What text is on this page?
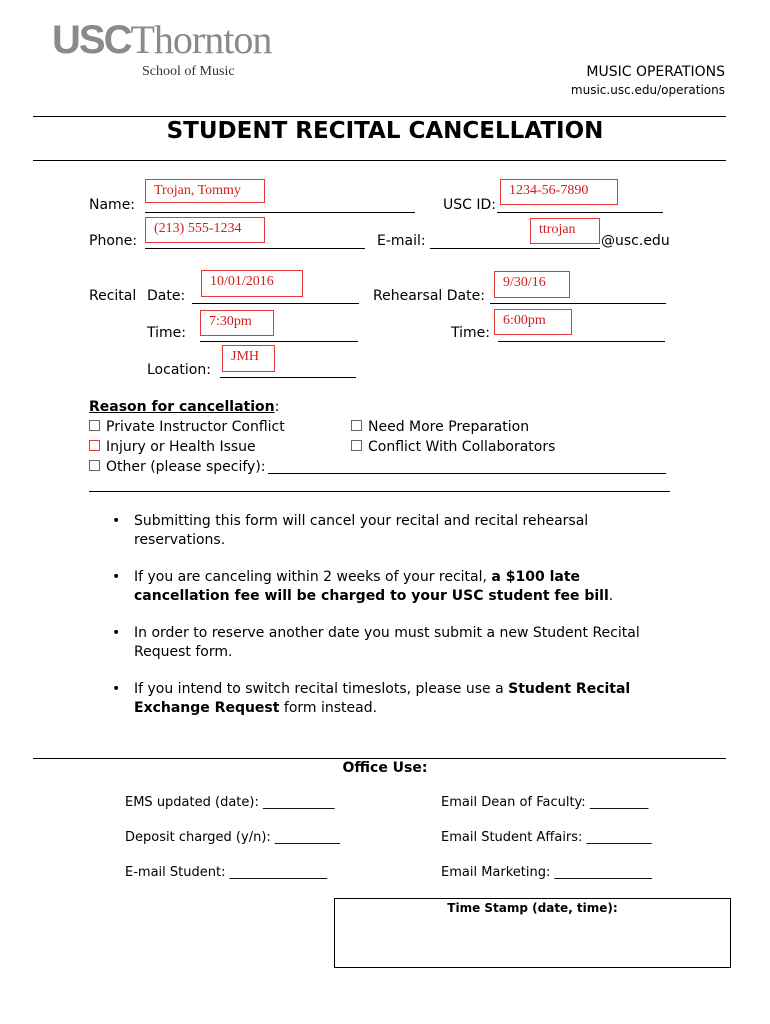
USCThornton
School of Music	MUSIC OPERATIONS
music.usc.edu/operations
STUDENT RECITAL CANCELLATION
Name:
Trojan, Tommy
USC ID:
1234-56-7890
Phone:
(213) 555-1234
E-mail:
ttrojan
@usc.edu
Recital Date:
10/01/2016
Rehearsal Date:
9/30/16
Time:
7:30pm
Time:
6:00pm
Location:
JMH
Reason for cancellation:
Private Instructor Conflict	Need More Preparation
Injury or Health Issue	Conflict With Collaborators
Other (please specify):
• Submitting this form will cancel your recital and recital rehearsal reservations.
• If you are canceling within 2 weeks of your recital, a $100 late cancellation fee will be charged to your USC student fee bill.
• In order to reserve another date you must submit a new Student Recital Request form.
• If you intend to switch recital timeslots, please use a Student Recital Exchange Request form instead.
Office Use:
EMS updated (date): ___________	Email Dean of Faculty: _________
Deposit charged (y/n): __________	Email Student Affairs: __________
E-mail Student: _______________	Email Marketing: _______________
Time Stamp (date, time):
